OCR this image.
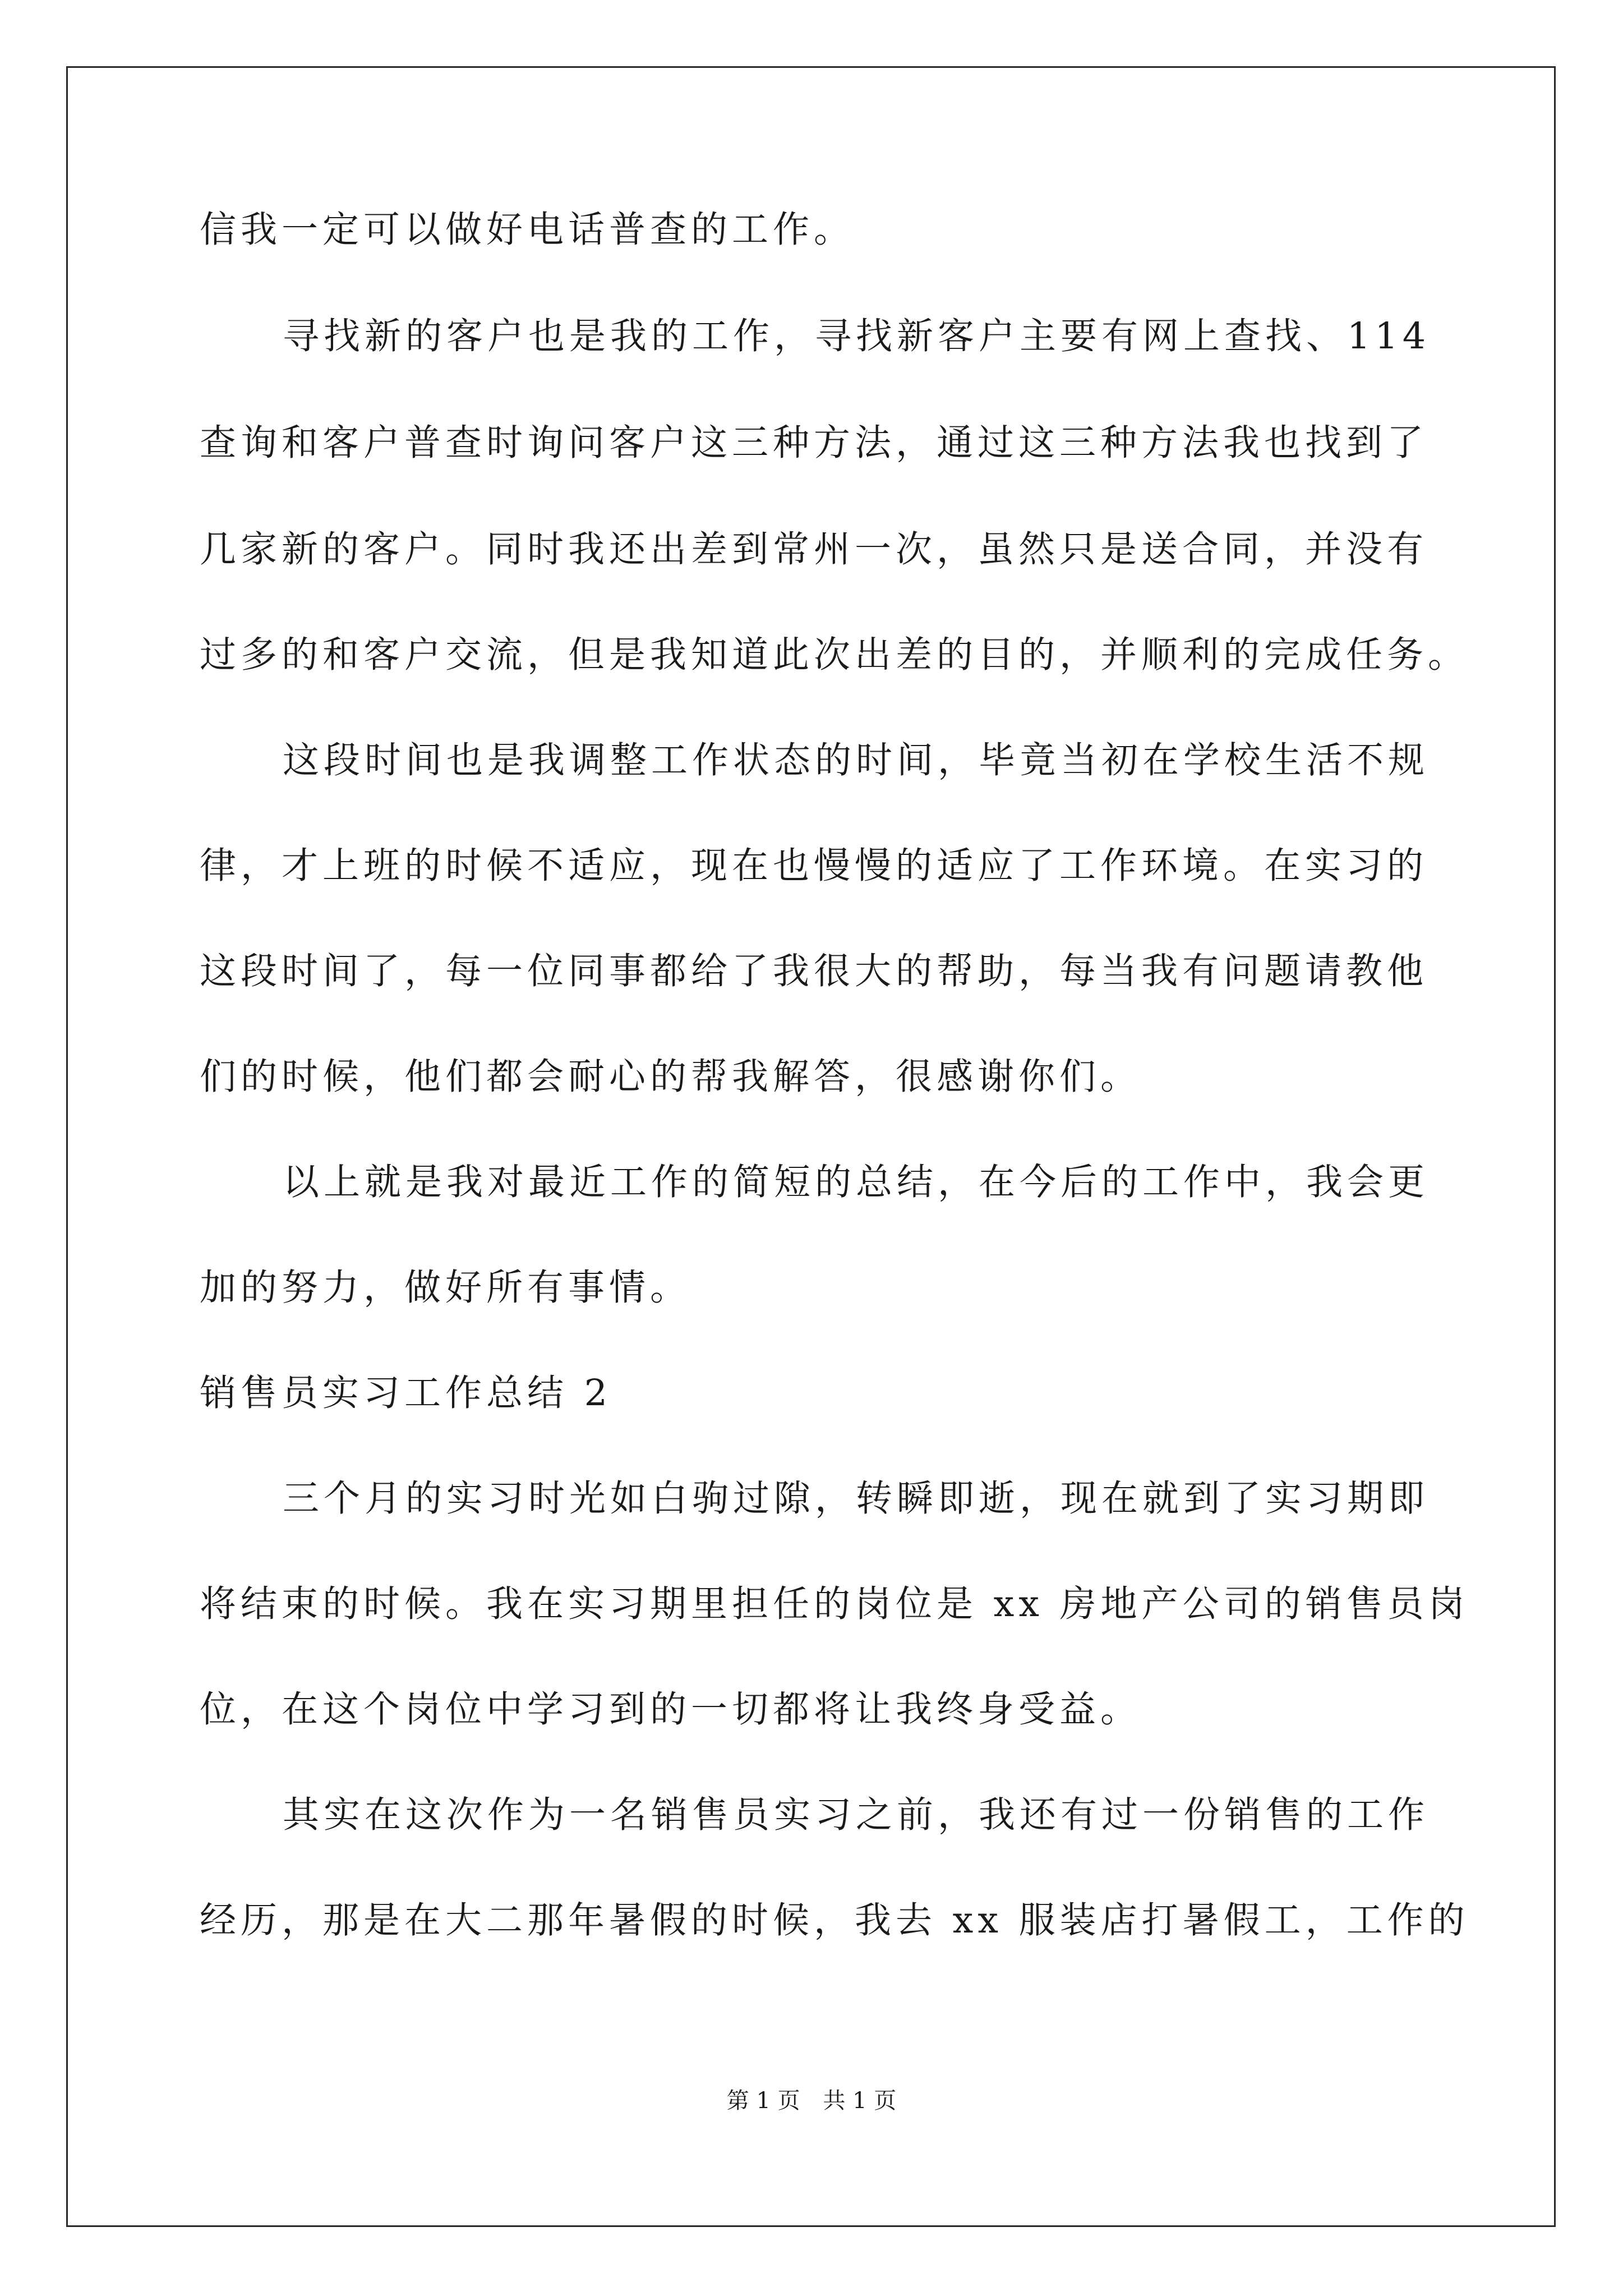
信我一定可以做好电话普查的工作。
寻找新的客户也是我的工作，寻找新客户主要有网上查找、114
查询和客户普查时询问客户这三种方法，通过这三种方法我也找到了
几家新的客户。同时我还出差到常州一次，虽然只是送合同，并没有
过多的和客户交流，但是我知道此次出差的目的，并顺利的完成任务。
这段时间也是我调整工作状态的时间，毕竟当初在学校生活不规
律，才上班的时候不适应，现在也慢慢的适应了工作环境。在实习的
这段时间了，每一位同事都给了我很大的帮助，每当我有问题请教他
们的时候，他们都会耐心的帮我解答，很感谢你们。
以上就是我对最近工作的简短的总结，在今后的工作中，我会更
加的努力，做好所有事情。
销售员实习工作总结 2
三个月的实习时光如白驹过隙，转瞬即逝，现在就到了实习期即
将结束的时候。我在实习期里担任的岗位是 xx 房地产公司的销售员岗
位，在这个岗位中学习到的一切都将让我终身受益。
其实在这次作为一名销售员实习之前，我还有过一份销售的工作
经历，那是在大二那年暑假的时候，我去 xx 服装店打暑假工，工作的
第 1 页 共 1 页
